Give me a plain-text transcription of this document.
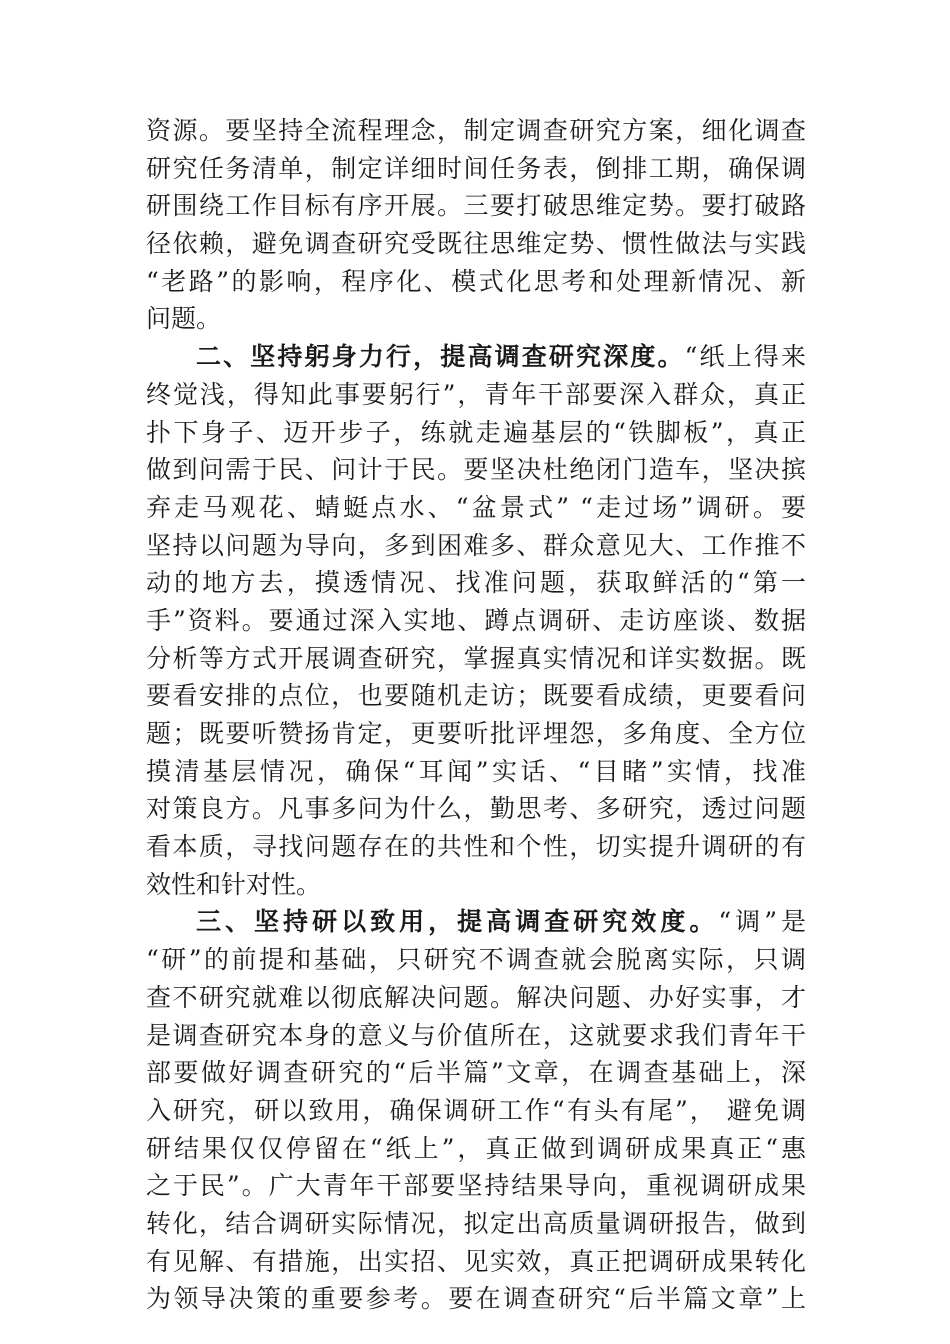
资源。要坚持全流程理念，制定调查研究方案，细化调查
研究任务清单，制定详细时间任务表，倒排工期，确保调
研围绕工作目标有序开展。三要打破思维定势。要打破路
径依赖，避免调查研究受既往思维定势、惯性做法与实践
“老路”的影响，程序化、模式化思考和处理新情况、新
问题。
二、坚持躬身力行，提高调查研究深度。“纸上得来
终觉浅，得知此事要躬行”，青年干部要深入群众，真正
扑下身子、迈开步子，练就走遍基层的“铁脚板”，真正
做到问需于民、问计于民。要坚决杜绝闭门造车，坚决摈
弃走马观花、蜻蜓点水、“盆景式” “走过场”调研。要
坚持以问题为导向，多到困难多、群众意见大、工作推不
动的地方去，摸透情况、找准问题，获取鲜活的“第一
手”资料。要通过深入实地、蹲点调研、走访座谈、数据
分析等方式开展调查研究，掌握真实情况和详实数据。既
要看安排的点位，也要随机走访；既要看成绩，更要看问
题；既要听赞扬肯定，更要听批评埋怨，多角度、全方位
摸清基层情况，确保“耳闻”实话、“目睹”实情，找准
对策良方。凡事多问为什么，勤思考、多研究，透过问题
看本质，寻找问题存在的共性和个性，切实提升调研的有
效性和针对性。
三、坚持研以致用，提高调查研究效度。“调”是
“研”的前提和基础，只研究不调查就会脱离实际，只调
查不研究就难以彻底解决问题。解决问题、办好实事，才
是调查研究本身的意义与价值所在，这就要求我们青年干
部要做好调查研究的“后半篇”文章，在调查基础上，深
入研究，研以致用，确保调研工作“有头有尾”， 避免调
研结果仅仅停留在“纸上”，真正做到调研成果真正“惠
之于民”。广大青年干部要坚持结果导向，重视调研成果
转化，结合调研实际情况，拟定出高质量调研报告，做到
有见解、有措施，出实招、见实效，真正把调研成果转化
为领导决策的重要参考。要在调查研究“后半篇文章”上
